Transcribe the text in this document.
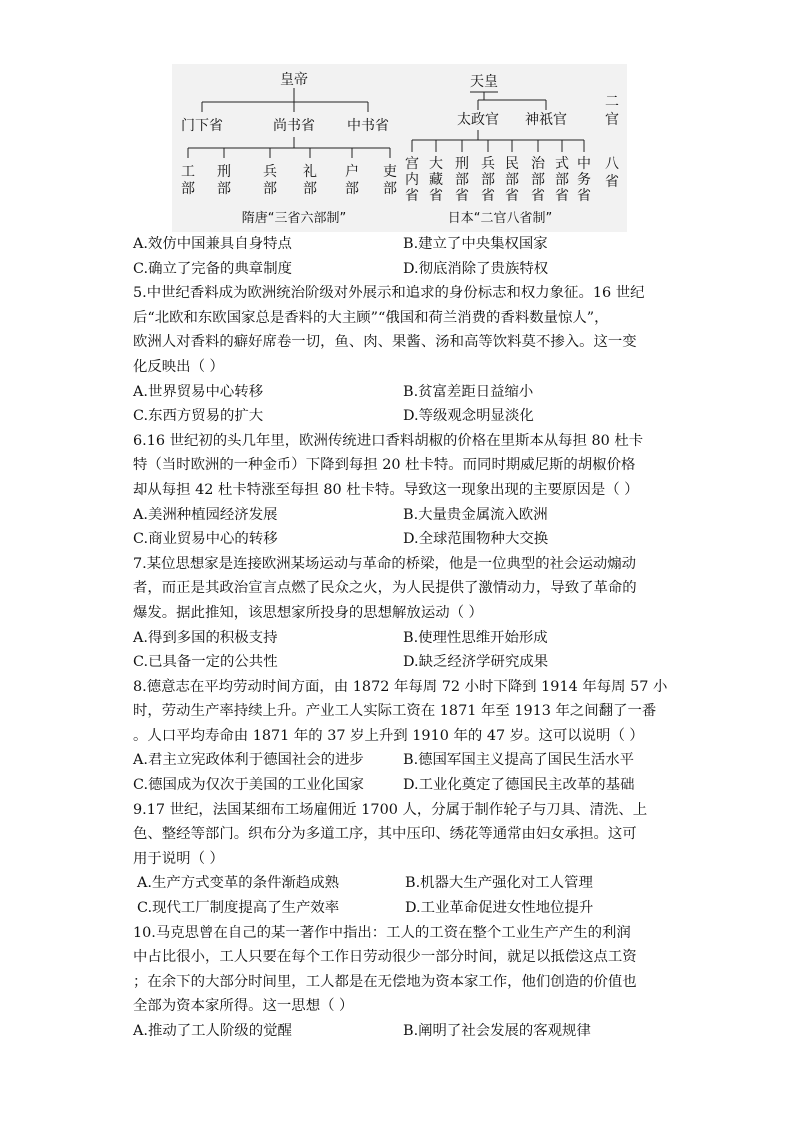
皇帝
门下省	尚书省 中书省
工部
刑部
兵部
礼部
户部
吏部
隋唐“三省六部制”
天皇
太政官 神祇官
宫内省
大藏省
刑部省
兵部省
民部省
治部省
式部省
中务省
二官
八省
日本“二官八省制”
A.效仿中国兼具自身特点	B.建立了中央集权国家
C.确立了完备的典章制度	D.彻底消除了贵族特权
5.中世纪香料成为欧洲统治阶级对外展示和追求的身份标志和权力象征。16 世纪
后“北欧和东欧国家总是香料的大主顾”“俄国和荷兰消费的香料数量惊人”，
欧洲人对香料的癖好席卷一切，鱼、肉、果酱、汤和高等饮料莫不掺入。这一变
化反映出（ ）
A.世界贸易中心转移	B.贫富差距日益缩小
C.东西方贸易的扩大	D.等级观念明显淡化
6.16 世纪初的头几年里，欧洲传统进口香料胡椒的价格在里斯本从每担 80 杜卡
特（当时欧洲的一种金币）下降到每担 20 杜卡特。而同时期威尼斯的胡椒价格
却从每担 42 杜卡特涨至每担 80 杜卡特。导致这一现象出现的主要原因是（ ）
A.美洲种植园经济发展	B.大量贵金属流入欧洲
C.商业贸易中心的转移	D.全球范围物种大交换
7.某位思想家是连接欧洲某场运动与革命的桥梁，他是一位典型的社会运动煽动
者，而正是其政治宣言点燃了民众之火，为人民提供了激情动力，导致了革命的
爆发。据此推知，该思想家所投身的思想解放运动（ ）
A.得到多国的积极支持	B.使理性思维开始形成
C.已具备一定的公共性	D.缺乏经济学研究成果
8.德意志在平均劳动时间方面，由 1872 年每周 72 小时下降到 1914 年每周 57 小
时，劳动生产率持续上升。产业工人实际工资在 1871 年至 1913 年之间翻了一番
。人口平均寿命由 1871 年的 37 岁上升到 1910 年的 47 岁。这可以说明（ ）
A.君主立宪政体利于德国社会的进步	B.德国军国主义提高了国民生活水平
C.德国成为仅次于美国的工业化国家	D.工业化奠定了德国民主改革的基础
9.17 世纪，法国某细布工场雇佣近 1700 人，分属于制作轮子与刀具、清洗、上
色、整经等部门。织布分为多道工序，其中压印、绣花等通常由妇女承担。这可
用于说明（ ）
A.生产方式变革的条件渐趋成熟	B.机器大生产强化对工人管理
C.现代工厂制度提高了生产效率	D.工业革命促进女性地位提升
10.马克思曾在自己的某一著作中指出：工人的工资在整个工业生产产生的利润
中占比很小，工人只要在每个工作日劳动很少一部分时间，就足以抵偿这点工资
；在余下的大部分时间里，工人都是在无偿地为资本家工作，他们创造的价值也
全部为资本家所得。这一思想（ ）
A.推动了工人阶级的觉醒	B.阐明了社会发展的客观规律
